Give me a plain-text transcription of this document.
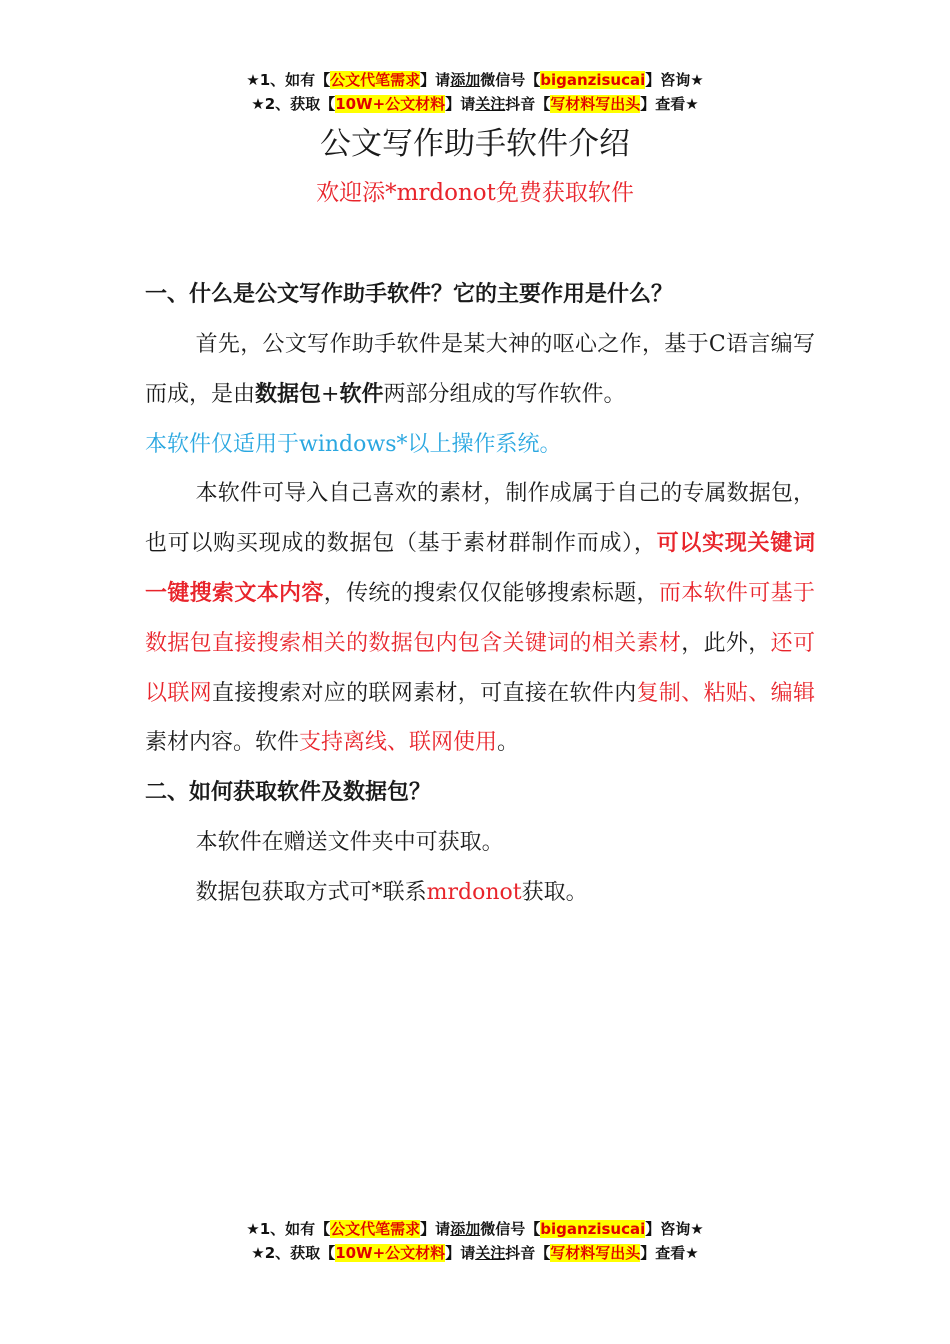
★1、如有【公文代笔需求】请添加微信号【biganzisucai】咨询★
★2、获取【10W+公文材料】请关注抖音【写材料写出头】查看★
公文写作助手软件介绍
欢迎添*mrdonot免费获取软件
一、什么是公文写作助手软件？它的主要作用是什么？

首先，公文写作助手软件是某大神的呕心之作，基于C语言编写而成，是由数据包+软件两部分组成的写作软件。

本软件仅适用于windows*以上操作系统。

本软件可导入自己喜欢的素材，制作成属于自己的专属数据包，也可以购买现成的数据包（基于素材群制作而成），可以实现关键词一键搜索文本内容，传统的搜索仅仅能够搜索标题，而本软件可基于数据包直接搜索相关的数据包内包含关键词的相关素材，此外，还可以联网直接搜索对应的联网素材，可直接在软件内复制、粘贴、编辑素材内容。软件支持离线、联网使用。

二、如何获取软件及数据包？

本软件在赠送文件夹中可获取。

数据包获取方式可*联系mrdonot获取。

★1、如有【公文代笔需求】请添加微信号【biganzisucai】咨询★
★2、获取【10W+公文材料】请关注抖音【写材料写出头】查看★
